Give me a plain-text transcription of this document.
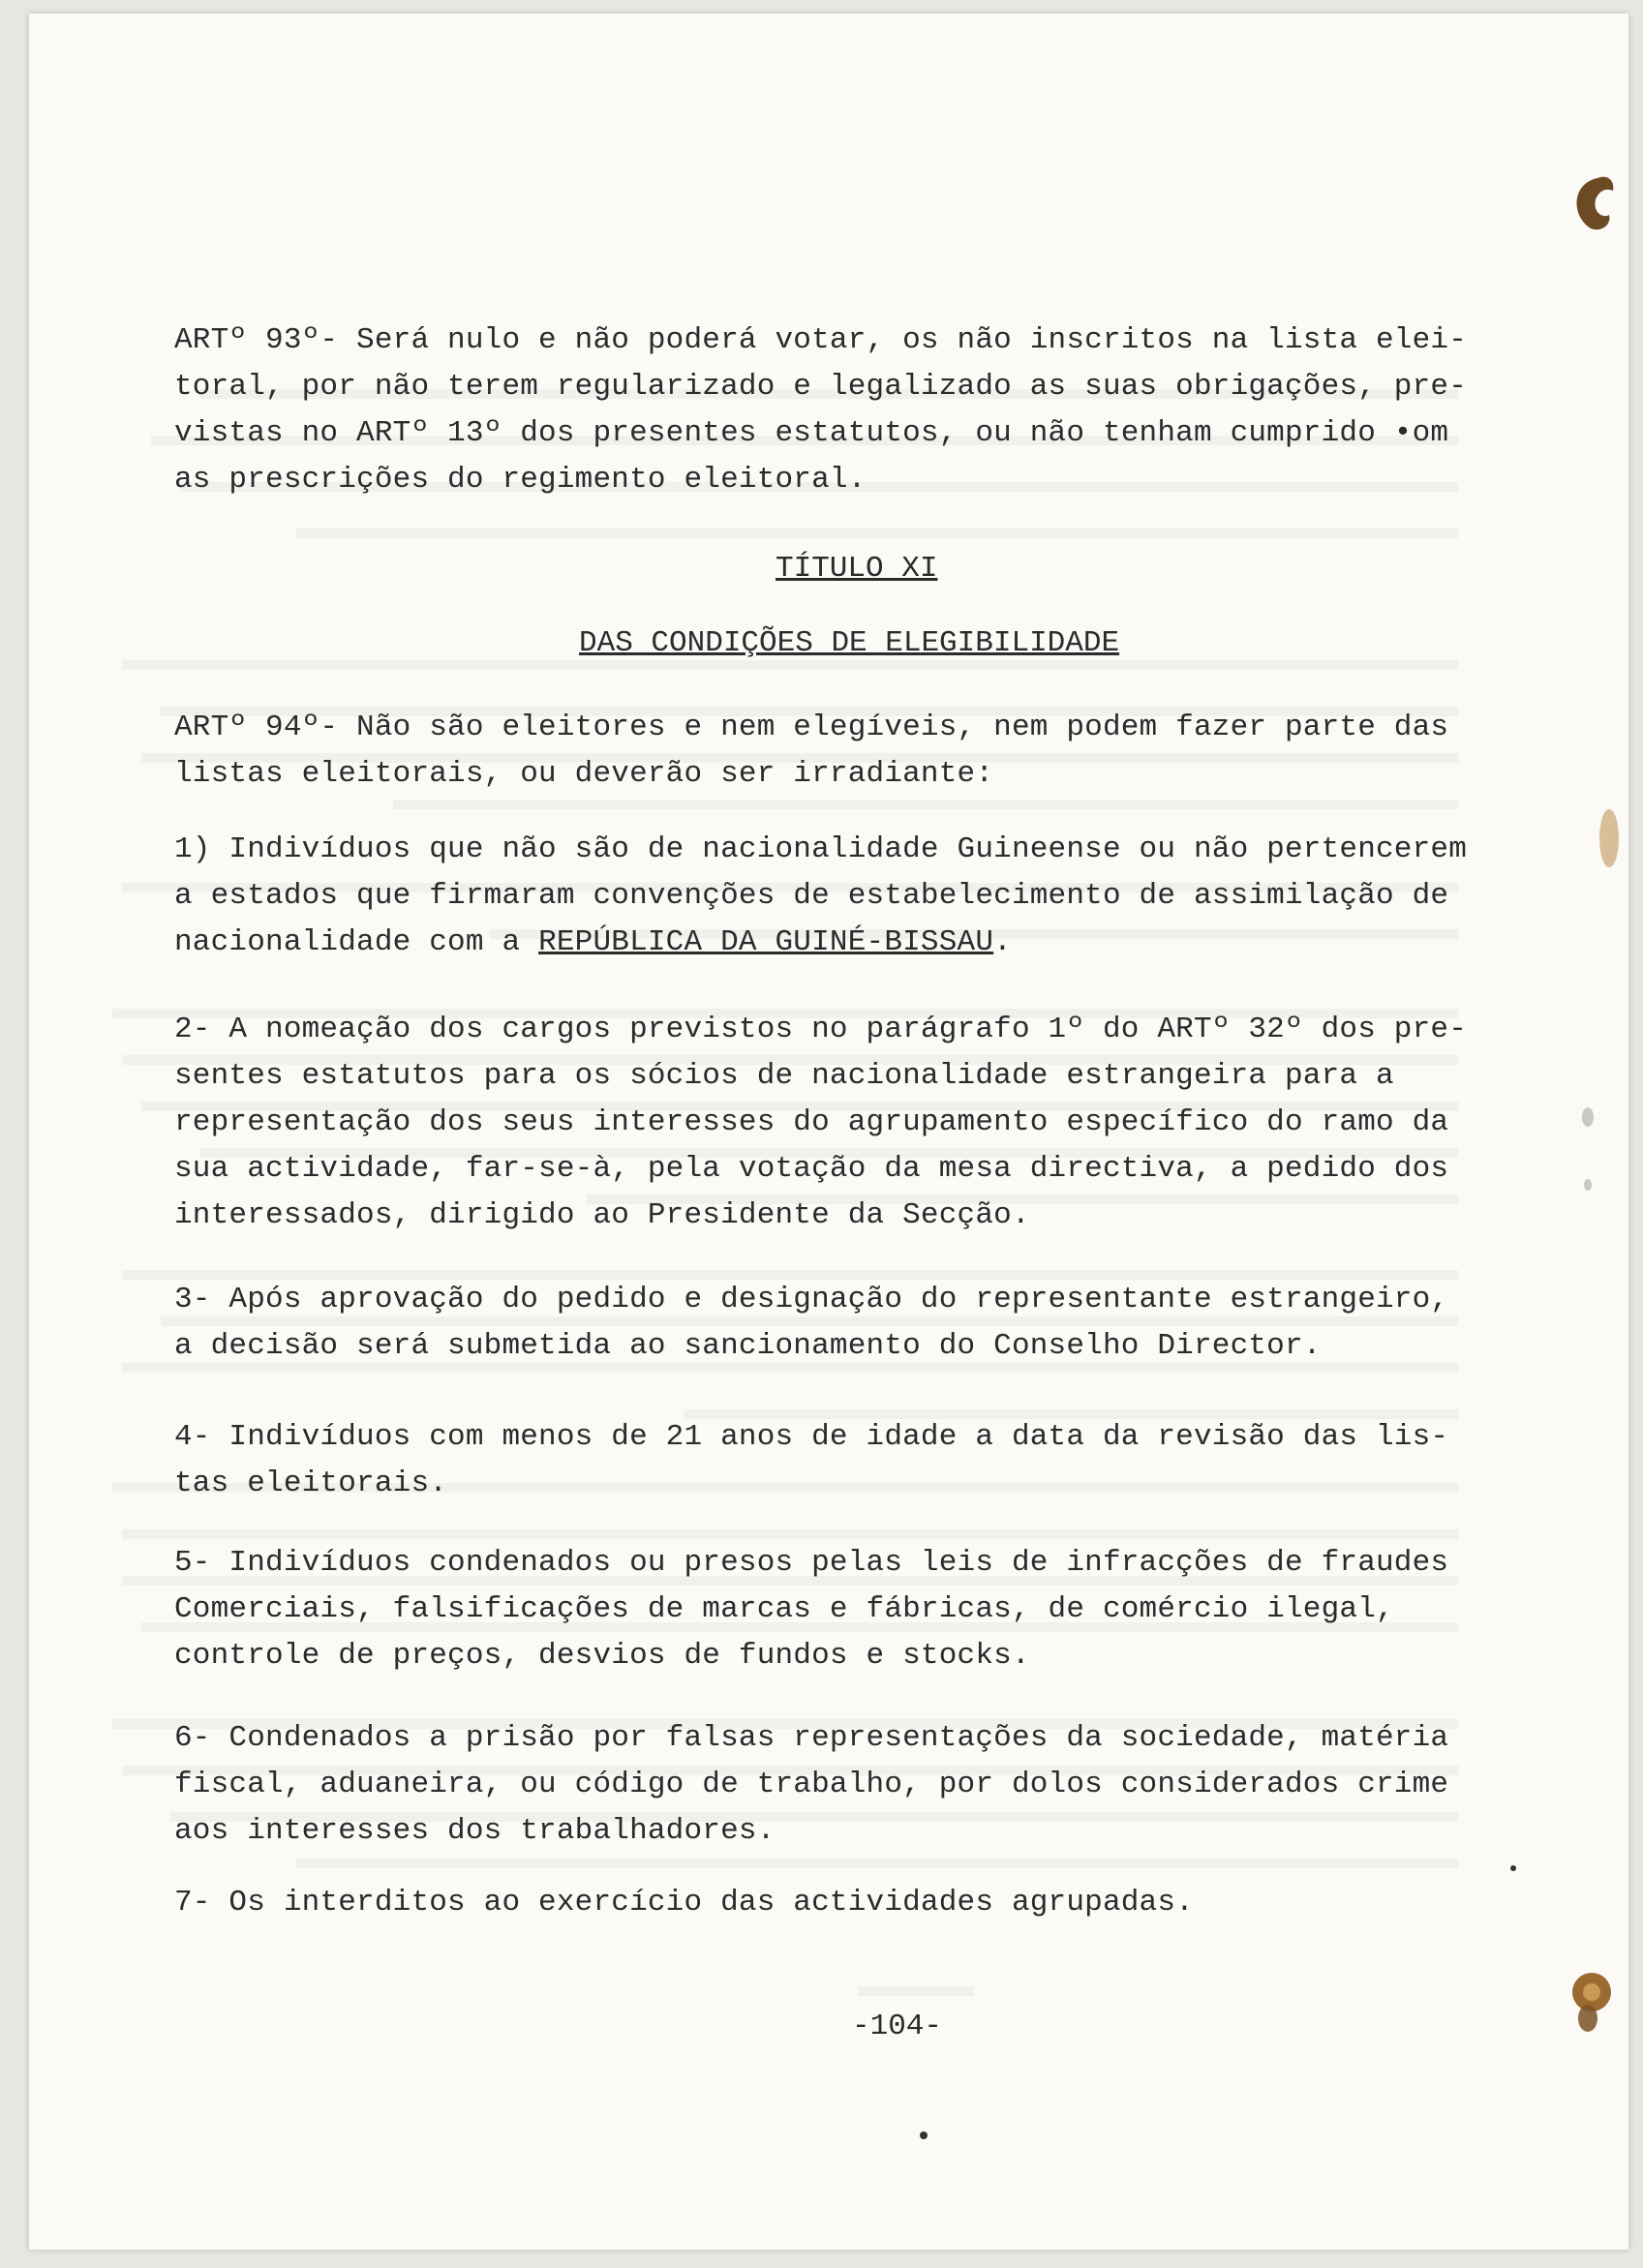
ARTº 93º- Será nulo e não poderá votar, os não inscritos na lista elei-

toral, por não terem regularizado e legalizado as suas obrigações, pre-

vistas no ARTº 13º dos presentes estatutos, ou não tenham cumprido •om

as prescrições do regimento eleitoral.

TÍTULO XI
DAS CONDIÇÕES DE ELEGIBILIDADE

ARTº 94º- Não são eleitores e nem elegíveis, nem podem fazer parte das

listas eleitorais, ou deverão ser irradiante:

1) Indivíduos que não são de nacionalidade Guineense ou não pertencerem

a estados que firmaram convenções de estabelecimento de assimilação de

nacionalidade com a REPÚBLICA DA GUINÉ-BISSAU.

2- A nomeação dos cargos previstos no parágrafo 1º do ARTº 32º dos pre-

sentes estatutos para os sócios de nacionalidade estrangeira para a

representação dos seus interesses do agrupamento específico do ramo da

sua actividade, far-se-à, pela votação da mesa directiva, a pedido dos

interessados, dirigido ao Presidente da Secção.

3- Após aprovação do pedido e designação do representante estrangeiro,

a decisão será submetida ao sancionamento do Conselho Director.

4- Indivíduos com menos de 21 anos de idade a data da revisão das lis-

tas eleitorais.

5- Indivíduos condenados ou presos pelas leis de infracções de fraudes

Comerciais, falsificações de marcas e fábricas, de comércio ilegal,

controle de preços, desvios de fundos e stocks.

6- Condenados a prisão por falsas representações da sociedade, matéria

fiscal, aduaneira, ou código de trabalho, por dolos considerados crime

aos interesses dos trabalhadores.

7- Os interditos ao exercício das actividades agrupadas.

-104-
